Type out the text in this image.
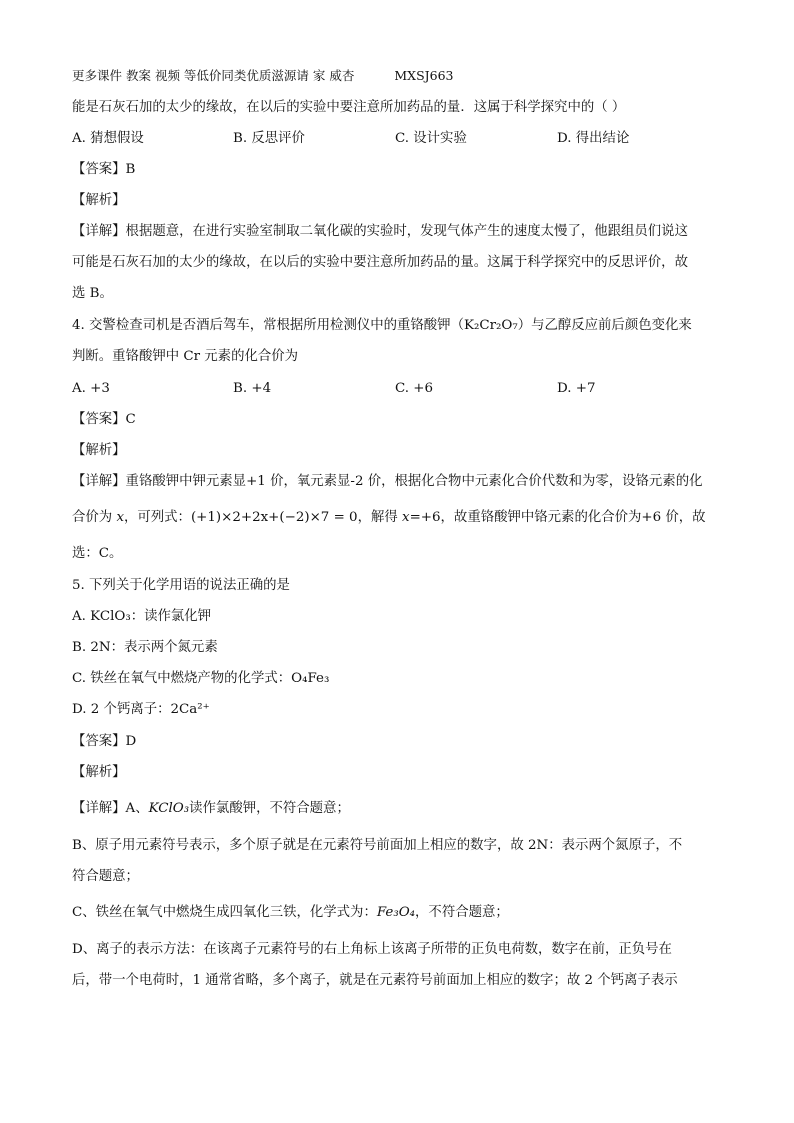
更多课件 教案 视频 等低价同类优质滋源请 家 威杏	MXSJ663
能是石灰石加的太少的缘故，在以后的实验中要注意所加药品的量．这属于科学探究中的（ ）
A. 猜想假设	B. 反思评价	C. 设计实验	D. 得出结论
【答案】B
【解析】
【详解】根据题意，在进行实验室制取二氧化碳的实验时，发现气体产生的速度太慢了，他跟组员们说这
可能是石灰石加的太少的缘故，在以后的实验中要注意所加药品的量。这属于科学探究中的反思评价，故
选 B。
4. 交警检查司机是否酒后驾车，常根据所用检测仪中的重铬酸钾（K₂Cr₂O₇）与乙醇反应前后颜色变化来
判断。重铬酸钾中 Cr 元素的化合价为
A. +3	B. +4	C. +6	D. +7
【答案】C
【解析】
【详解】重铬酸钾中钾元素显+1 价，氧元素显-2 价，根据化合物中元素化合价代数和为零，设铬元素的化
合价为 x，可列式：(+1)×2+2x+(−2)×7 = 0，解得 x=+6，故重铬酸钾中铬元素的化合价为+6 价，故
选：C。
5. 下列关于化学用语的说法正确的是
A. KClO₃：读作氯化钾
B. 2N：表示两个氮元素
C. 铁丝在氧气中燃烧产物的化学式：O₄Fe₃
D. 2 个钙离子：2Ca²⁺
【答案】D
【解析】
【详解】A、KClO₃读作氯酸钾，不符合题意；
B、原子用元素符号表示，多个原子就是在元素符号前面加上相应的数字，故 2N：表示两个氮原子，不
符合题意；
C、铁丝在氧气中燃烧生成四氧化三铁，化学式为：Fe₃O₄，不符合题意；
D、离子的表示方法：在该离子元素符号的右上角标上该离子所带的正负电荷数，数字在前，正负号在
后，带一个电荷时，1 通常省略，多个离子，就是在元素符号前面加上相应的数字；故 2 个钙离子表示
